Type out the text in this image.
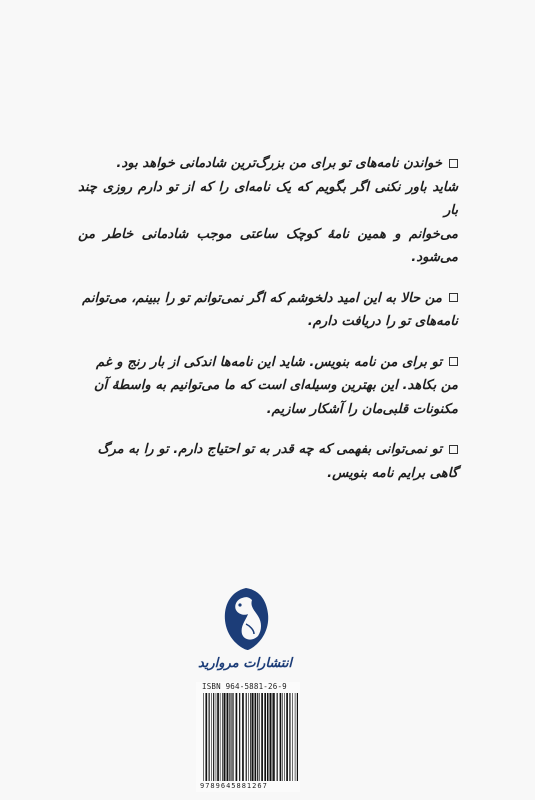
خواندن نامه‌های تو برای من بزرگ‌ترین شادمانی خواهد بود.
شاید باور نکنی اگر بگویم که یک نامه‌ای را که از تو دارم روزی چند بار
می‌خوانم و همین نامهٔ کوچک ساعتی موجب شادمانی خاطر من می‌شود.

من حالا به این امید دلخوشم که اگر نمی‌توانم تو را ببینم، می‌توانم
نامه‌های تو را دریافت دارم.

تو برای من نامه بنویس. شاید این نامه‌ها اندکی از بار رنج و غم
من بکاهد. این بهترین وسیله‌ای است که ما می‌توانیم به واسطهٔ آن
مکنونات قلبی‌مان را آشکار سازیم.

تو نمی‌توانی بفهمی که چه قدر به تو احتیاج دارم. تو را به مرگ
گاهی برایم نامه بنویس.

انتشارات مروارید
ISBN 964-5881-26-9
9789645881267
